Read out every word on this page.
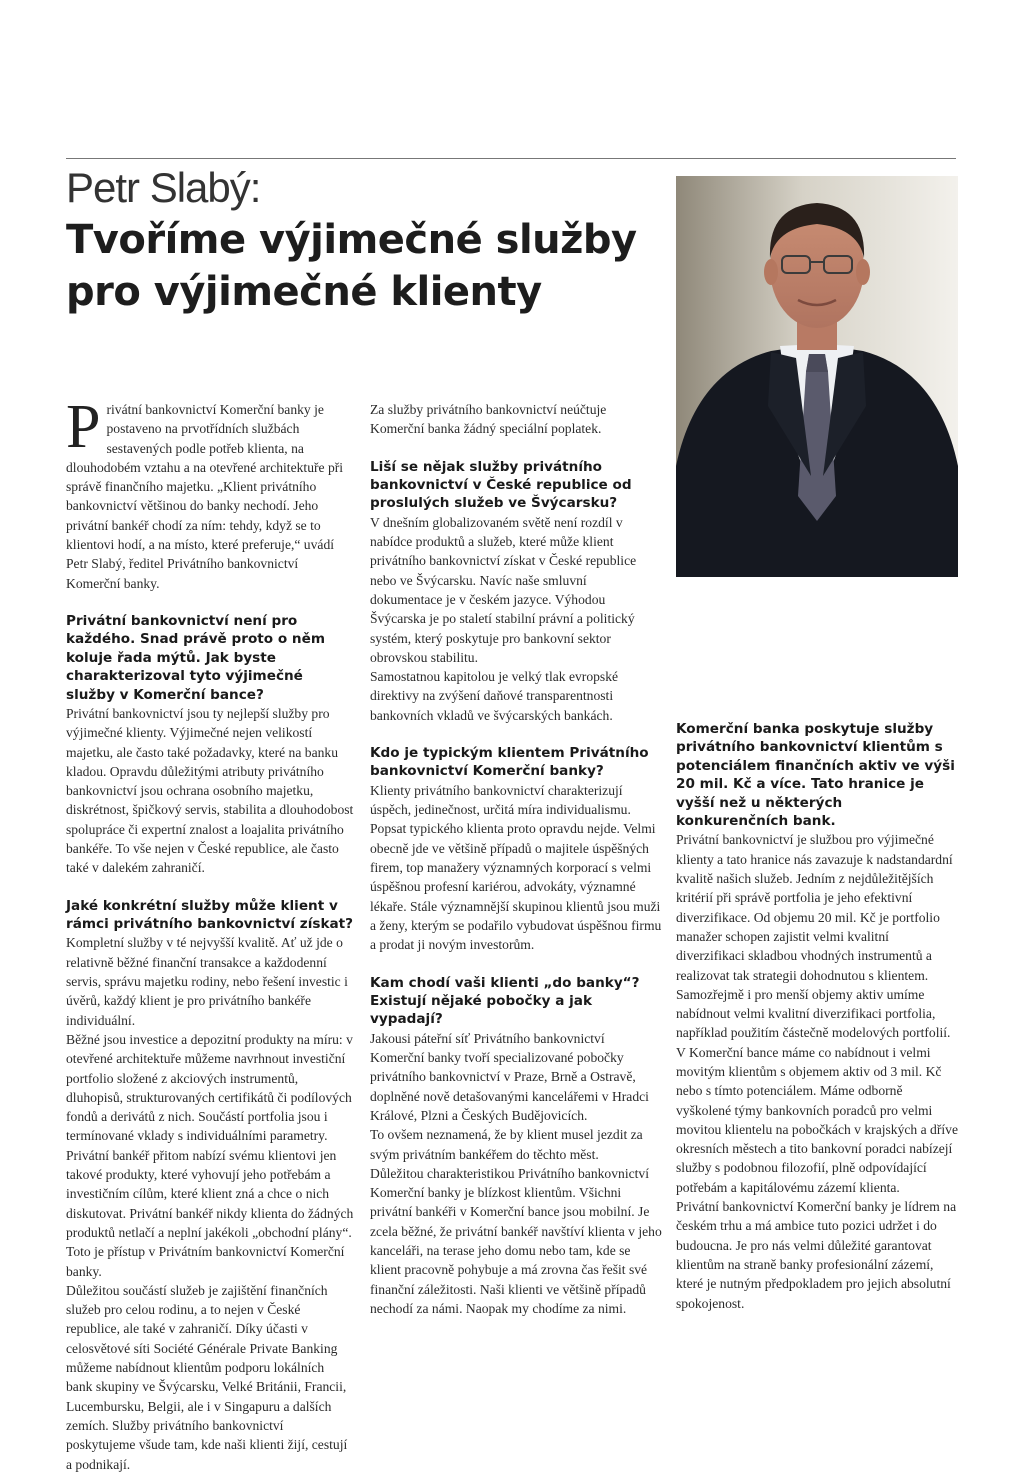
Petr Slabý:
Tvoříme výjimečné služby pro výjimečné klienty

Privátní bankovnictví Komerční banky je postaveno na prvotřídních službách sestavených podle potřeb klienta, na dlouhodobém vztahu a na otevřené architektuře při správě finančního majetku. „Klient privátního bankovnictví většinou do banky nechodí. Jeho privátní bankéř chodí za ním: tehdy, když se to klientovi hodí, a na místo, které preferuje,“ uvádí Petr Slabý, ředitel Privátního bankovnictví Komerční banky.

Privátní bankovnictví není pro každého. Snad právě proto o něm koluje řada mýtů. Jak byste charakterizoval tyto výjimečné služby v Komerční bance?

Privátní bankovnictví jsou ty nejlepší služby pro výjimečné klienty. Výjimečné nejen velikostí majetku, ale často také požadavky, které na banku kladou. Opravdu důležitými atributy privátního bankovnictví jsou ochrana osobního majetku, diskrétnost, špičkový servis, stabilita a dlouhodobost spolupráce či expertní znalost a loajalita privátního bankéře. To vše nejen v České republice, ale často také v dalekém zahraničí.

Jaké konkrétní služby může klient v rámci privátního bankovnictví získat?

Kompletní služby v té nejvyšší kvalitě. Ať už jde o relativně běžné finanční transakce a každodenní servis, správu majetku rodiny, nebo řešení investic i úvěrů, každý klient je pro privátního bankéře individuální.

Běžné jsou investice a depozitní produkty na míru: v otevřené architektuře můžeme navrhnout investiční portfolio složené z akciových instrumentů, dluhopisů, strukturovaných certifikátů či podílových fondů a derivátů z nich. Součástí portfolia jsou i termínované vklady s individuálními parametry. Privátní bankéř přitom nabízí svému klientovi jen takové produkty, které vyhovují jeho potřebám a investičním cílům, které klient zná a chce o nich diskutovat. Privátní bankéř nikdy klienta do žádných produktů netlačí a neplní jakékoli „obchodní plány“. Toto je přístup v Privátním bankovnictví Komerční banky.

Důležitou součástí služeb je zajištění finančních služeb pro celou rodinu, a to nejen v České republice, ale také v zahraničí. Díky účasti v celosvětové síti Société Générale Private Banking můžeme nabídnout klientům podporu lokálních bank skupiny ve Švýcarsku, Velké Británii, Francii, Lucembursku, Belgii, ale i v Singapuru a dalších zemích. Služby privátního bankovnictví poskytujeme všude tam, kde naši klienti žijí, cestují a podnikají.

Za služby privátního bankovnictví neúčtuje Komerční banka žádný speciální poplatek.

Liší se nějak služby privátního bankovnictví v České republice od proslulých služeb ve Švýcarsku?

V dnešním globalizovaném světě není rozdíl v nabídce produktů a služeb, které může klient privátního bankovnictví získat v České republice nebo ve Švýcarsku. Navíc naše smluvní dokumentace je v českém jazyce. Výhodou Švýcarska je po staletí stabilní právní a politický systém, který poskytuje pro bankovní sektor obrovskou stabilitu.

Samostatnou kapitolou je velký tlak evropské direktivy na zvýšení daňové transparentnosti bankovních vkladů ve švýcarských bankách.

Kdo je typickým klientem Privátního bankovnictví Komerční banky?

Klienty privátního bankovnictví charakterizují úspěch, jedinečnost, určitá míra individualismu. Popsat typického klienta proto opravdu nejde. Velmi obecně jde ve většině případů o majitele úspěšných firem, top manažery významných korporací s velmi úspěšnou profesní kariérou, advokáty, významné lékaře. Stále významnější skupinou klientů jsou muži a ženy, kterým se podařilo vybudovat úspěšnou firmu a prodat ji novým investorům.

Kam chodí vaši klienti „do banky“? Existují nějaké pobočky a jak vypadají?

Jakousi páteřní síť Privátního bankovnictví Komerční banky tvoří specializované pobočky privátního bankovnictví v Praze, Brně a Ostravě, doplněné nově detašovanými kancelářemi v Hradci Králové, Plzni a Českých Budějovicích.

To ovšem neznamená, že by klient musel jezdit za svým privátním bankéřem do těchto měst.

Důležitou charakteristikou Privátního bankovnictví Komerční banky je blízkost klientům. Všichni privátní bankéři v Komerční bance jsou mobilní. Je zcela běžné, že privátní bankéř navštíví klienta v jeho kanceláři, na terase jeho domu nebo tam, kde se klient pracovně pohybuje a má zrovna čas řešit své finanční záležitosti. Naši klienti ve většině případů nechodí za námi. Naopak my chodíme za nimi.

Komerční banka poskytuje služby privátního bankovnictví klientům s potenciálem finančních aktiv ve výši 20 mil. Kč a více. Tato hranice je vyšší než u některých konkurenčních bank.

Privátní bankovnictví je službou pro výjimečné klienty a tato hranice nás zavazuje k nadstandardní kvalitě našich služeb. Jedním z nejdůležitějších kritérií při správě portfolia je jeho efektivní diverzifikace. Od objemu 20 mil. Kč je portfolio manažer schopen zajistit velmi kvalitní diverzifikaci skladbou vhodných instrumentů a realizovat tak strategii dohodnutou s klientem.

Samozřejmě i pro menší objemy aktiv umíme nabídnout velmi kvalitní diverzifikaci portfolia, například použitím částečně modelových portfolií. V Komerční bance máme co nabídnout i velmi movitým klientům s objemem aktiv od 3 mil. Kč nebo s tímto potenciálem. Máme odborně vyškolené týmy bankovních poradců pro velmi movitou klientelu na pobočkách v krajských a dříve okresních městech a tito bankovní poradci nabízejí služby s podobnou filozofií, plně odpovídající potřebám a kapitálovému zázemí klienta.

Privátní bankovnictví Komerční banky je lídrem na českém trhu a má ambice tuto pozici udržet i do budoucna. Je pro nás velmi důležité garantovat klientům na straně banky profesionální zázemí, které je nutným předpokladem pro jejich absolutní spokojenost.
